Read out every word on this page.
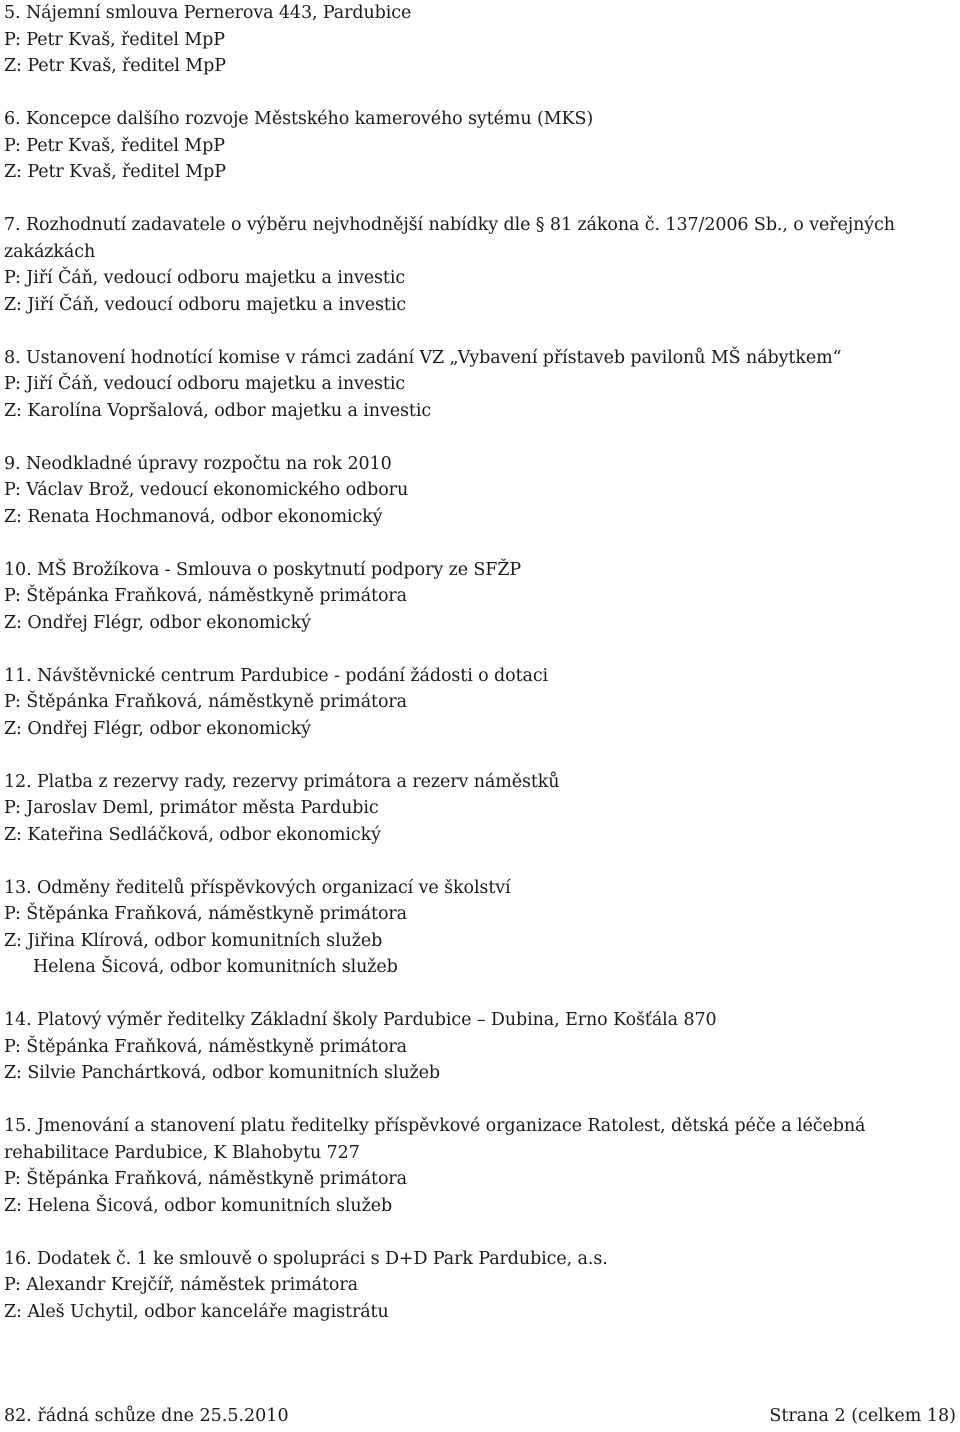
5. Nájemní smlouva Pernerova 443, Pardubice
P: Petr Kvaš, ředitel MpP
Z: Petr Kvaš, ředitel MpP
6. Koncepce dalšího rozvoje Městského kamerového sytému (MKS)
P: Petr Kvaš, ředitel MpP
Z: Petr Kvaš, ředitel MpP
7. Rozhodnutí zadavatele o výběru nejvhodnější nabídky dle § 81 zákona č. 137/2006 Sb., o veřejných
zakázkách
P: Jiří Čáň, vedoucí odboru majetku a investic
Z: Jiří Čáň, vedoucí odboru majetku a investic
8. Ustanovení hodnotící komise v rámci zadání VZ „Vybavení přístaveb pavilonů MŠ nábytkem“
P: Jiří Čáň, vedoucí odboru majetku a investic
Z: Karolína Vopršalová, odbor majetku a investic
9. Neodkladné úpravy rozpočtu na rok 2010
P: Václav Brož, vedoucí ekonomického odboru
Z: Renata Hochmanová, odbor ekonomický
10. MŠ Brožíkova - Smlouva o poskytnutí podpory ze SFŽP
P: Štěpánka Fraňková, náměstkyně primátora
Z: Ondřej Flégr, odbor ekonomický
11. Návštěvnické centrum Pardubice - podání žádosti o dotaci
P: Štěpánka Fraňková, náměstkyně primátora
Z: Ondřej Flégr, odbor ekonomický
12. Platba z rezervy rady, rezervy primátora a rezerv náměstků
P: Jaroslav Deml, primátor města Pardubic
Z: Kateřina Sedláčková, odbor ekonomický
13. Odměny ředitelů příspěvkových organizací ve školství
P: Štěpánka Fraňková, náměstkyně primátora
Z: Jiřina Klírová, odbor komunitních služeb
Helena Šicová, odbor komunitních služeb
14. Platový výměr ředitelky Základní školy Pardubice – Dubina, Erno Košťála 870
P: Štěpánka Fraňková, náměstkyně primátora
Z: Silvie Panchártková, odbor komunitních služeb
15. Jmenování a stanovení platu ředitelky příspěvkové organizace Ratolest, dětská péče a léčebná
rehabilitace Pardubice, K Blahobytu 727
P: Štěpánka Fraňková, náměstkyně primátora
Z: Helena Šicová, odbor komunitních služeb
16. Dodatek č. 1 ke smlouvě o spolupráci s D+D Park Pardubice, a.s.
P: Alexandr Krejčíř, náměstek primátora
Z: Aleš Uchytil, odbor kanceláře magistrátu
82. řádná schůze dne 25.5.2010	Strana 2 (celkem 18)
